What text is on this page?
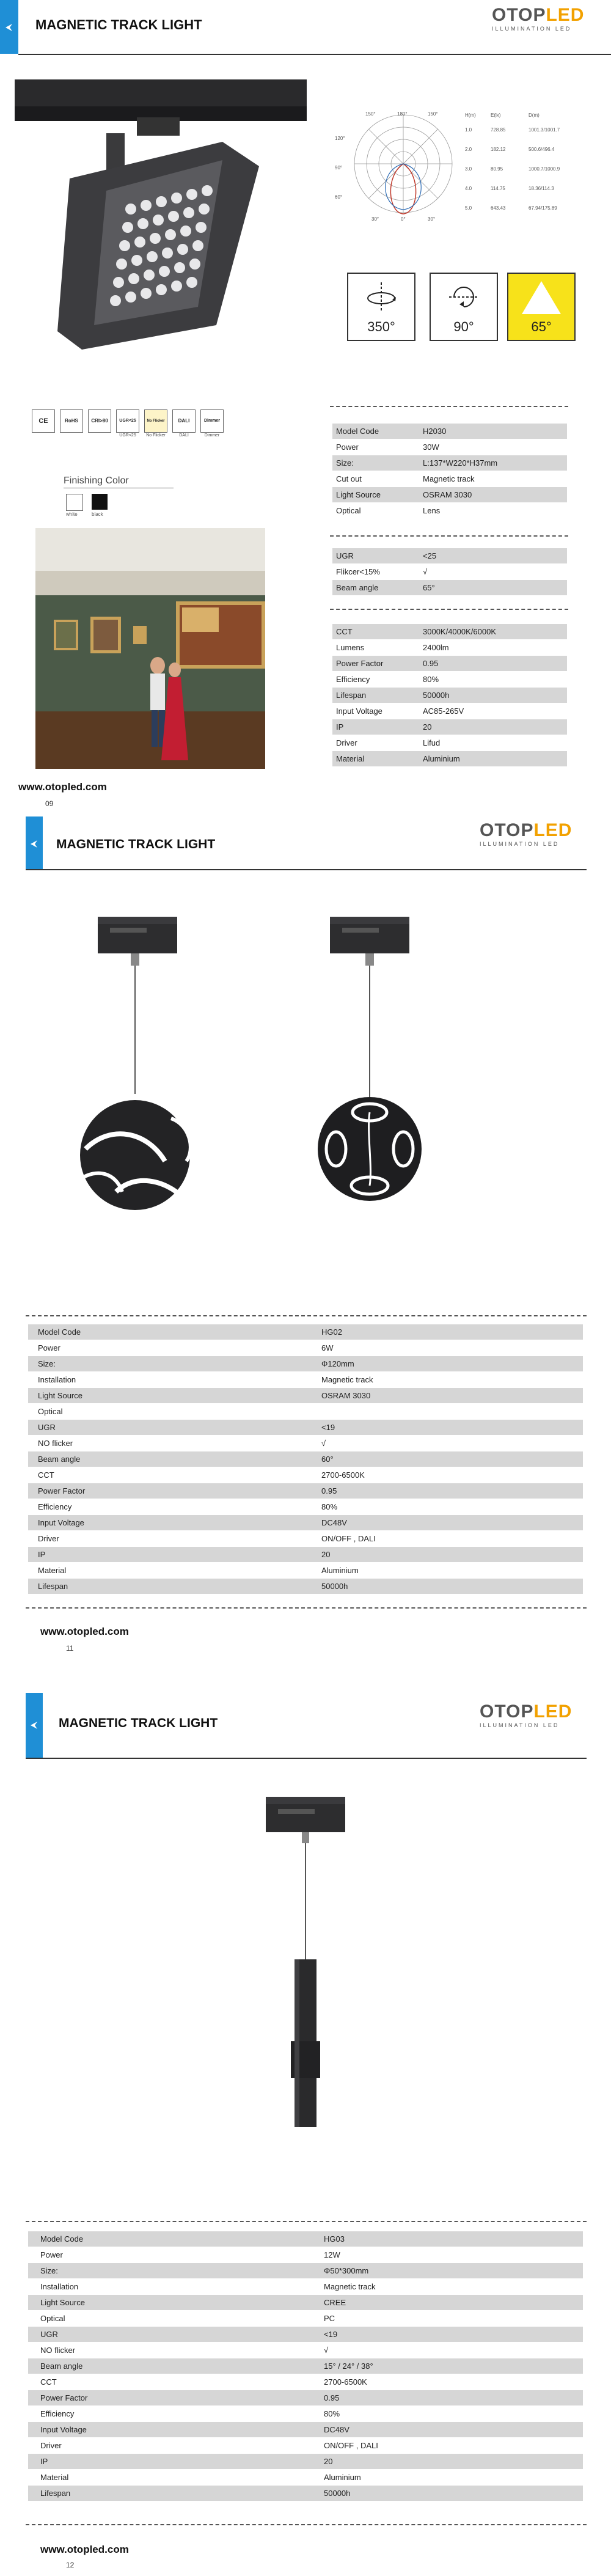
MAGNETIC TRACK LIGHT	OTOPLED
ILLUMINATION LED
150°	180°	150°
120°
90°
60°
30°	0°	30°
H(m)	E(lx)	D(m)
1.0	728.85	1001.3/1001.7
2.0	182.12	500.6/496.4
3.0	80.95	1000.7/1000.9
4.0	114.75	18.36/114.3
5.0	643.43	67.94/175.89
350°	90°	65°
CE	RoHS	CRI>80	UGR<25
UGR<25
No Flicker
No Flicker
DALI
DALI
Dimmer
Dimmer
Finishing Color
white	black
Model Code	H2030
Power	30W
Size:	L:137*W220*H37mm
Cut out	Magnetic track
Light Source	OSRAM 3030
Optical	Lens
UGR	<25
Flikcer<15%	√
Beam angle	65°
CCT	3000K/4000K/6000K
Lumens	2400lm
Power Factor	0.95
Efficiency	80%
Lifespan	50000h
Input Voltage	AC85-265V
IP	20
Driver	Lifud
Material	Aluminium
www.otopled.com
09
MAGNETIC TRACK LIGHT
OTOPLED
ILLUMINATION LED
Model Code	HG02
Power	6W
Size:	Φ120mm
Installation	Magnetic track
Light Source	OSRAM 3030
Optical	
UGR	<19
NO flicker	√
Beam angle	60°
CCT	2700-6500K
Power Factor	0.95
Efficiency	80%
Input Voltage	DC48V
Driver	ON/OFF , DALI
IP	20
Material	Aluminium
Lifespan	50000h
www.otopled.com
11
MAGNETIC TRACK LIGHT
OTOPLED
ILLUMINATION LED
Model Code	HG03
Power	12W
Size:	Φ50*300mm
Installation	Magnetic track
Light Source	CREE
Optical	PC
UGR	<19
NO flicker	√
Beam angle	15° / 24° / 38°
CCT	2700-6500K
Power Factor	0.95
Efficiency	80%
Input Voltage	DC48V
Driver	ON/OFF , DALI
IP	20
Material	Aluminium
Lifespan	50000h
www.otopled.com
12
